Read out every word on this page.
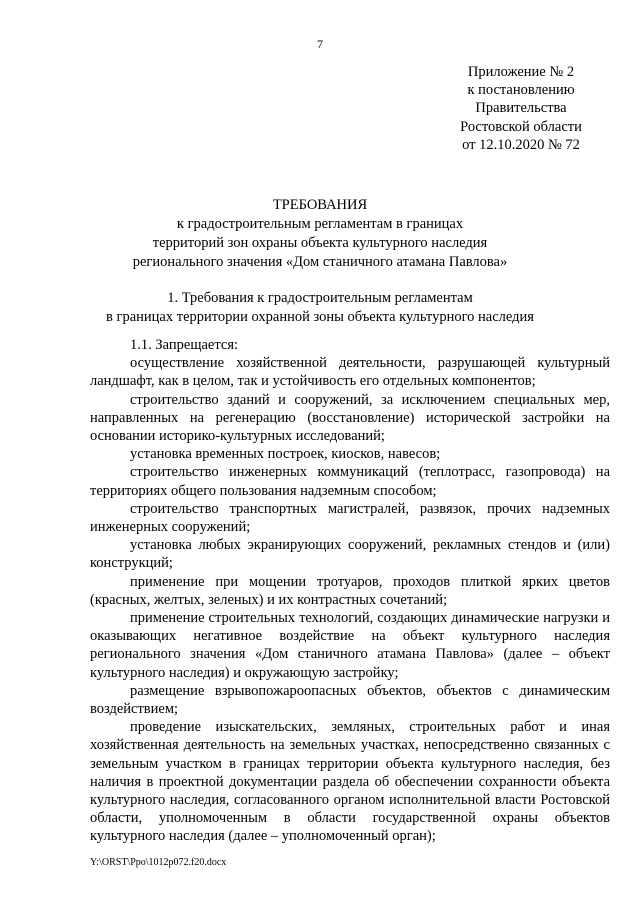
7
Приложение № 2
к постановлению
Правительства
Ростовской области
от 12.10.2020 № 72
ТРЕБОВАНИЯ
к градостроительным регламентам в границах
территорий зон охраны объекта культурного наследия
регионального значения «Дом станичного атамана Павлова»
1. Требования к градостроительным регламентам
в границах территории охранной зоны объекта культурного наследия

1.1. Запрещается:

осуществление хозяйственной деятельности, разрушающей культурный ландшафт, как в целом, так и устойчивость его отдельных компонентов;

строительство зданий и сооружений, за исключением специальных мер, направленных на регенерацию (восстановление) исторической застройки на основании историко-культурных исследований;

установка временных построек, киосков, навесов;

строительство инженерных коммуникаций (теплотрасс, газопровода) на территориях общего пользования надземным способом;

строительство транспортных магистралей, развязок, прочих надземных инженерных сооружений;

установка любых экранирующих сооружений, рекламных стендов и (или) конструкций;

применение при мощении тротуаров, проходов плиткой ярких цветов (красных, желтых, зеленых) и их контрастных сочетаний;

применение строительных технологий, создающих динамические нагрузки и оказывающих негативное воздействие на объект культурного наследия регионального значения «Дом станичного атамана Павлова» (далее – объект культурного наследия) и окружающую застройку;

размещение взрывопожароопасных объектов, объектов с динамическим воздействием;

проведение изыскательских, земляных, строительных работ и иная хозяйственная деятельность на земельных участках, непосредственно связанных с земельным участком в границах территории объекта культурного наследия, без наличия в проектной документации раздела об обеспечении сохранности объекта культурного наследия, согласованного органом исполнительной власти Ростовской области, уполномоченным в области государственной охраны объектов культурного наследия (далее – уполномоченный орган);

Y:\ORST\Ppo\1012p072.f20.docx
